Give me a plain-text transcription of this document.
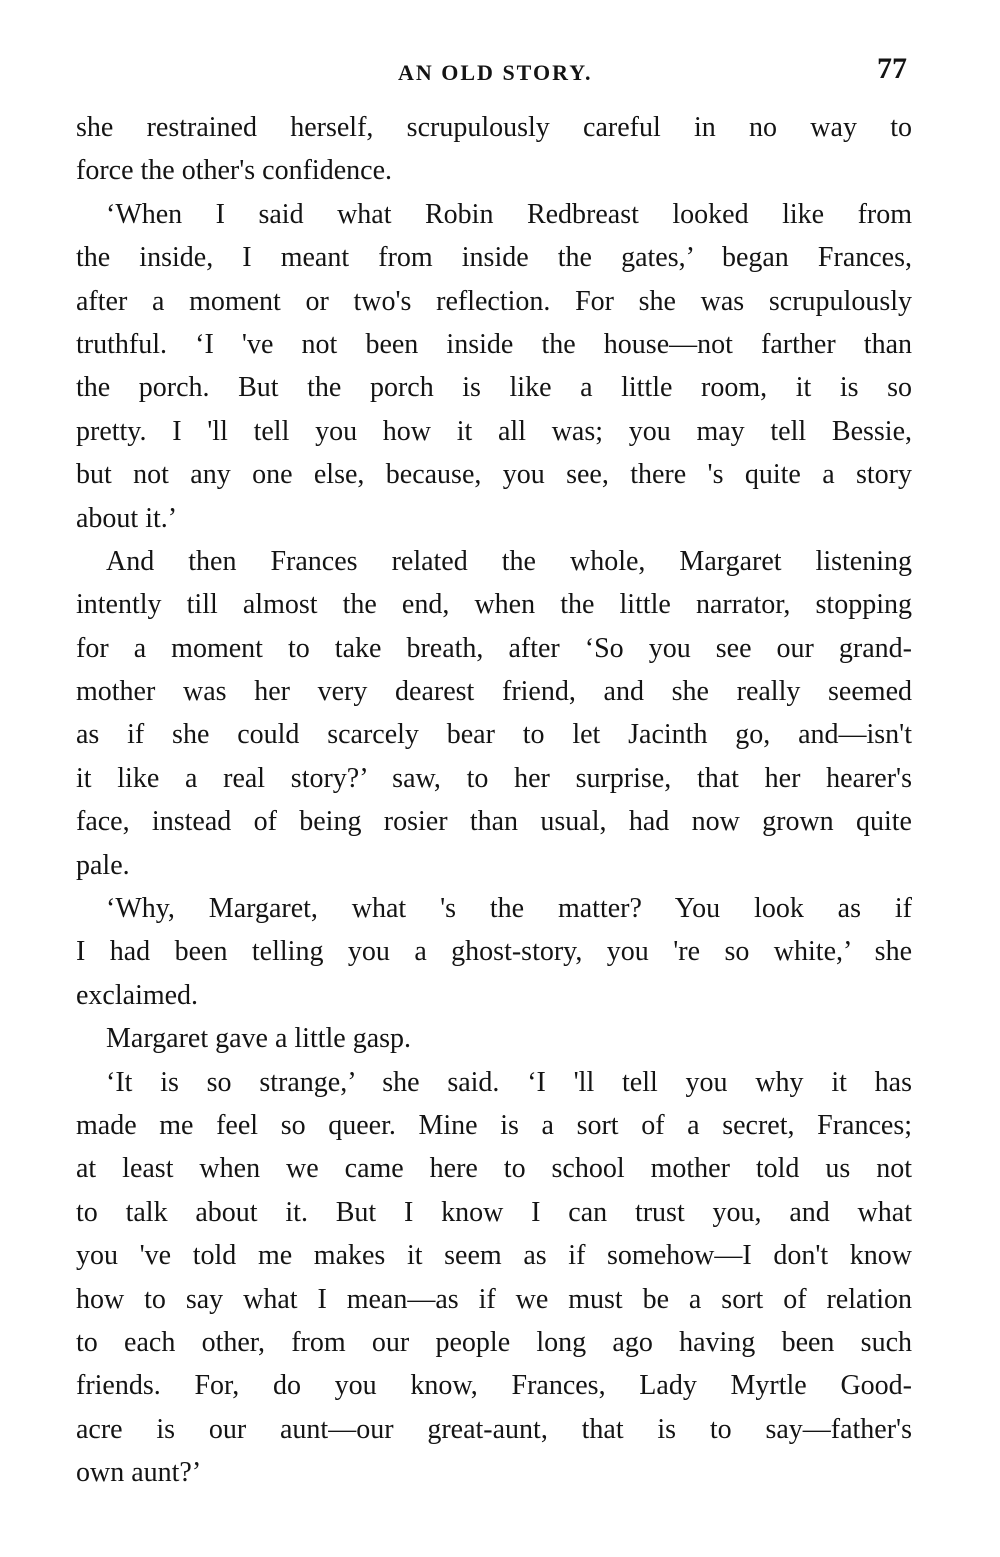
AN OLD STORY.	77
she restrained herself, scrupulously careful in no way to
force the other's confidence.
‘When I said what Robin Redbreast looked like from
the inside, I meant from inside the gates,’ began Frances,
after a moment or two's reflection. For she was scrupulously
truthful. ‘I 've not been inside the house—not farther than
the porch. But the porch is like a little room, it is so
pretty. I 'll tell you how it all was; you may tell Bessie,
but not any one else, because, you see, there 's quite a story
about it.’
And then Frances related the whole, Margaret listening
intently till almost the end, when the little narrator, stopping
for a moment to take breath, after ‘So you see our grand-
mother was her very dearest friend, and she really seemed
as if she could scarcely bear to let Jacinth go, and—isn't
it like a real story?’ saw, to her surprise, that her hearer's
face, instead of being rosier than usual, had now grown quite
pale.
‘Why, Margaret, what 's the matter? You look as if
I had been telling you a ghost-story, you 're so white,’ she
exclaimed.
Margaret gave a little gasp.
‘It is so strange,’ she said. ‘I 'll tell you why it has
made me feel so queer. Mine is a sort of a secret, Frances;
at least when we came here to school mother told us not
to talk about it. But I know I can trust you, and what
you 've told me makes it seem as if somehow—I don't know
how to say what I mean—as if we must be a sort of relation
to each other, from our people long ago having been such
friends. For, do you know, Frances, Lady Myrtle Good-
acre is our aunt—our great-aunt, that is to say—father's
own aunt?’
